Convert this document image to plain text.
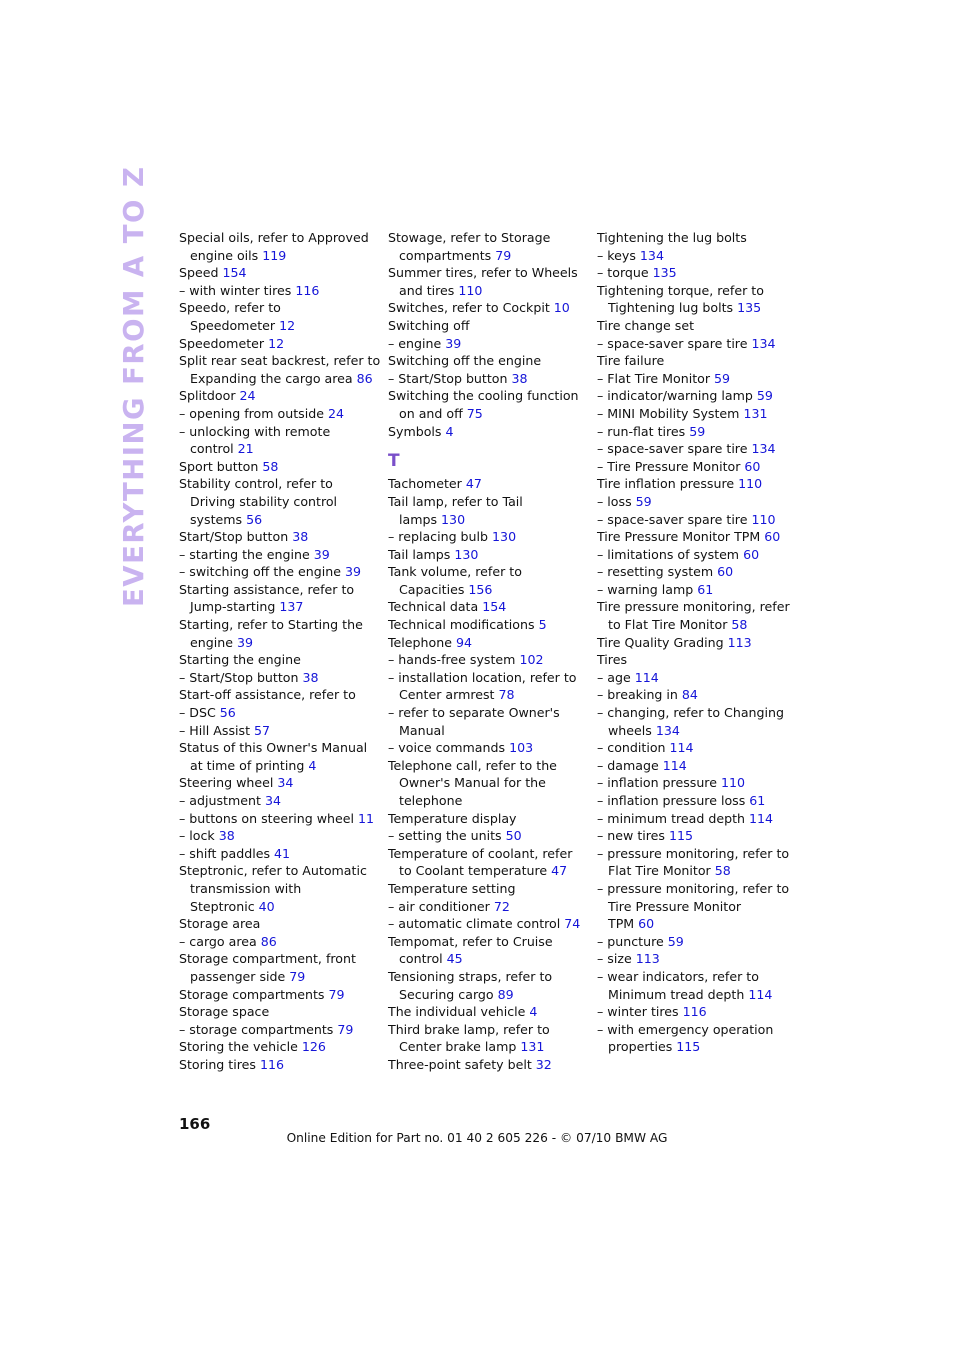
EVERYTHING FROM A TO Z Special oils, refer to Approved
engine oils 119
Speed 154
– with winter tires 116
Speedo, refer to
Speedometer 12
Speedometer 12
Split rear seat backrest, refer to
Expanding the cargo area 86
Splitdoor 24
– opening from outside 24
– unlocking with remote
control 21
Sport button 58
Stability control, refer to
Driving stability control
systems 56
Start/Stop button 38
– starting the engine 39
– switching off the engine 39
Starting assistance, refer to
Jump-starting 137
Starting, refer to Starting the
engine 39
Starting the engine
– Start/Stop button 38
Start-off assistance, refer to
– DSC 56
– Hill Assist 57
Status of this Owner's Manual
at time of printing 4
Steering wheel 34
– adjustment 34
– buttons on steering wheel 11
– lock 38
– shift paddles 41
Steptronic, refer to Automatic
transmission with
Steptronic 40
Storage area
– cargo area 86
Storage compartment, front
passenger side 79
Storage compartments 79
Storage space
– storage compartments 79
Storing the vehicle 126
Storing tires 116
Stowage, refer to Storage
compartments 79
Summer tires, refer to Wheels
and tires 110
Switches, refer to Cockpit 10
Switching off
– engine 39
Switching off the engine
– Start/Stop button 38
Switching the cooling function
on and off 75
Symbols 4
T
Tachometer 47
Tail lamp, refer to Tail
lamps 130
– replacing bulb 130
Tail lamps 130
Tank volume, refer to
Capacities 156
Technical data 154
Technical modifications 5
Telephone 94
– hands-free system 102
– installation location, refer to
Center armrest 78
– refer to separate Owner's
Manual
– voice commands 103
Telephone call, refer to the
Owner's Manual for the
telephone
Temperature display
– setting the units 50
Temperature of coolant, refer
to Coolant temperature 47
Temperature setting
– air conditioner 72
– automatic climate control 74
Tempomat, refer to Cruise
control 45
Tensioning straps, refer to
Securing cargo 89
The individual vehicle 4
Third brake lamp, refer to
Center brake lamp 131
Three-point safety belt 32
Tightening the lug bolts
– keys 134
– torque 135
Tightening torque, refer to
Tightening lug bolts 135
Tire change set
– space-saver spare tire 134
Tire failure
– Flat Tire Monitor 59
– indicator/warning lamp 59
– MINI Mobility System 131
– run-flat tires 59
– space-saver spare tire 134
– Tire Pressure Monitor 60
Tire inflation pressure 110
– loss 59
– space-saver spare tire 110
Tire Pressure Monitor TPM 60
– limitations of system 60
– resetting system 60
– warning lamp 61
Tire pressure monitoring, refer
to Flat Tire Monitor 58
Tire Quality Grading 113
Tires
– age 114
– breaking in 84
– changing, refer to Changing
wheels 134
– condition 114
– damage 114
– inflation pressure 110
– inflation pressure loss 61
– minimum tread depth 114
– new tires 115
– pressure monitoring, refer to
Flat Tire Monitor 58
– pressure monitoring, refer to
Tire Pressure Monitor
TPM 60
– puncture 59
– size 113
– wear indicators, refer to
Minimum tread depth 114
– winter tires 116
– with emergency operation
properties 115
166
Online Edition for Part no. 01 40 2 605 226 - © 07/10 BMW AG
